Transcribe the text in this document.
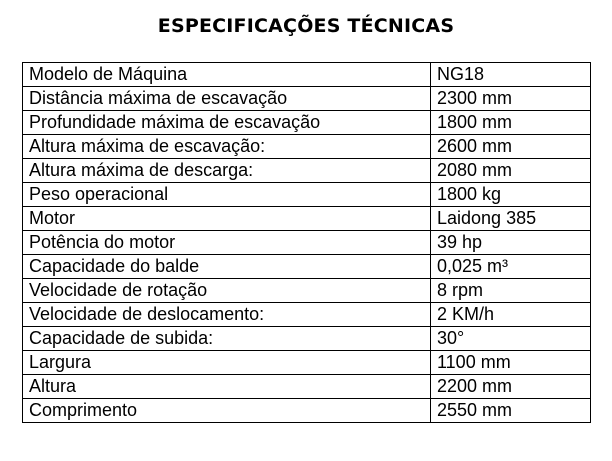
ESPECIFICAÇÕES TÉCNICAS
Modelo de Máquina	NG18
Distância máxima de escavação	2300 mm
Profundidade máxima de escavação	1800 mm
Altura máxima de escavação:	2600 mm
Altura máxima de descarga:	2080 mm
Peso operacional	1800 kg
Motor	Laidong 385
Potência do motor	39 hp
Capacidade do balde	0,025 m³
Velocidade de rotação	8 rpm
Velocidade de deslocamento:	2 KM/h
Capacidade de subida:	30°
Largura	1100 mm
Altura	2200 mm
Comprimento	2550 mm
